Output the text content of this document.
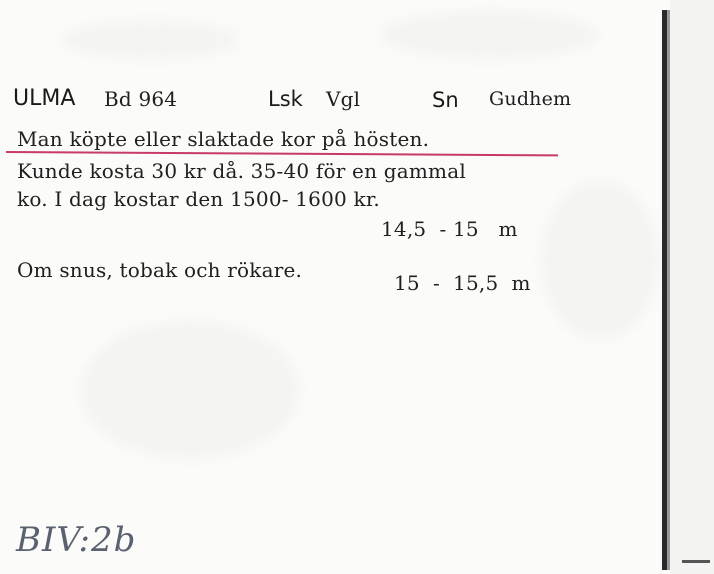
ULMA Bd 964	Lsk Vgl	Sn Gudhem
Man köpte eller slaktade kor på hösten.
Kunde kosta 30 kr då. 35-40 för en gammal
ko. I dag kostar den 1500- 1600 kr.
14,5  - 15   m
Om snus, tobak och rökare.
15  -  15,5  m
BIV:2b
